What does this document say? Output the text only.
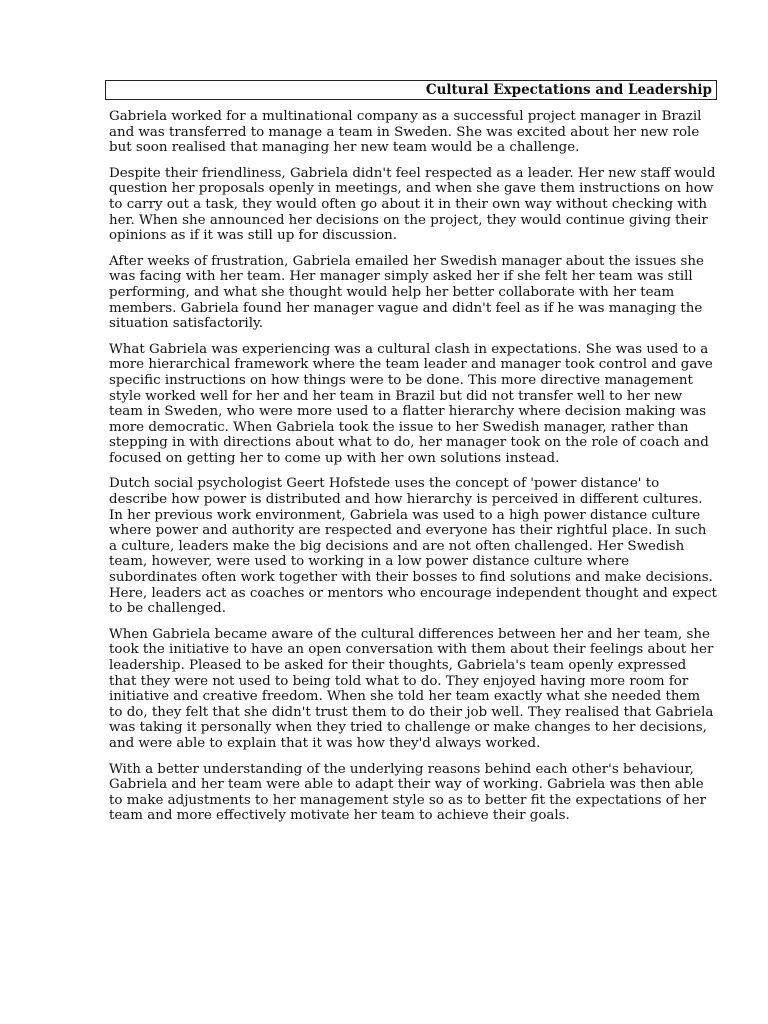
Cultural Expectations and Leadership

Gabriela worked for a multinational company as a successful project manager in Brazil and was transferred to manage a team in Sweden. She was excited about her new role but soon realised that managing her new team would be a challenge.

Despite their friendliness, Gabriela didn't feel respected as a leader. Her new staff would question her proposals openly in meetings, and when she gave them instructions on how to carry out a task, they would often go about it in their own way without checking with her. When she announced her decisions on the project, they would continue giving their opinions as if it was still up for discussion.

After weeks of frustration, Gabriela emailed her Swedish manager about the issues she was facing with her team. Her manager simply asked her if she felt her team was still performing, and what she thought would help her better collaborate with her team members. Gabriela found her manager vague and didn't feel as if he was managing the situation satisfactorily.

What Gabriela was experiencing was a cultural clash in expectations. She was used to a more hierarchical framework where the team leader and manager took control and gave specific instructions on how things were to be done. This more directive management style worked well for her and her team in Brazil but did not transfer well to her new team in Sweden, who were more used to a flatter hierarchy where decision making was more democratic. When Gabriela took the issue to her Swedish manager, rather than stepping in with directions about what to do, her manager took on the role of coach and focused on getting her to come up with her own solutions instead.

Dutch social psychologist Geert Hofstede uses the concept of 'power distance' to describe how power is distributed and how hierarchy is perceived in different cultures. In her previous work environment, Gabriela was used to a high power distance culture where power and authority are respected and everyone has their rightful place. In such a culture, leaders make the big decisions and are not often challenged. Her Swedish team, however, were used to working in a low power distance culture where subordinates often work together with their bosses to find solutions and make decisions. Here, leaders act as coaches or mentors who encourage independent thought and expect to be challenged.

When Gabriela became aware of the cultural differences between her and her team, she took the initiative to have an open conversation with them about their feelings about her leadership. Pleased to be asked for their thoughts, Gabriela's team openly expressed that they were not used to being told what to do. They enjoyed having more room for initiative and creative freedom. When she told her team exactly what she needed them to do, they felt that she didn't trust them to do their job well. They realised that Gabriela was taking it personally when they tried to challenge or make changes to her decisions, and were able to explain that it was how they'd always worked.

With a better understanding of the underlying reasons behind each other's behaviour, Gabriela and her team were able to adapt their way of working. Gabriela was then able to make adjustments to her management style so as to better fit the expectations of her team and more effectively motivate her team to achieve their goals.
